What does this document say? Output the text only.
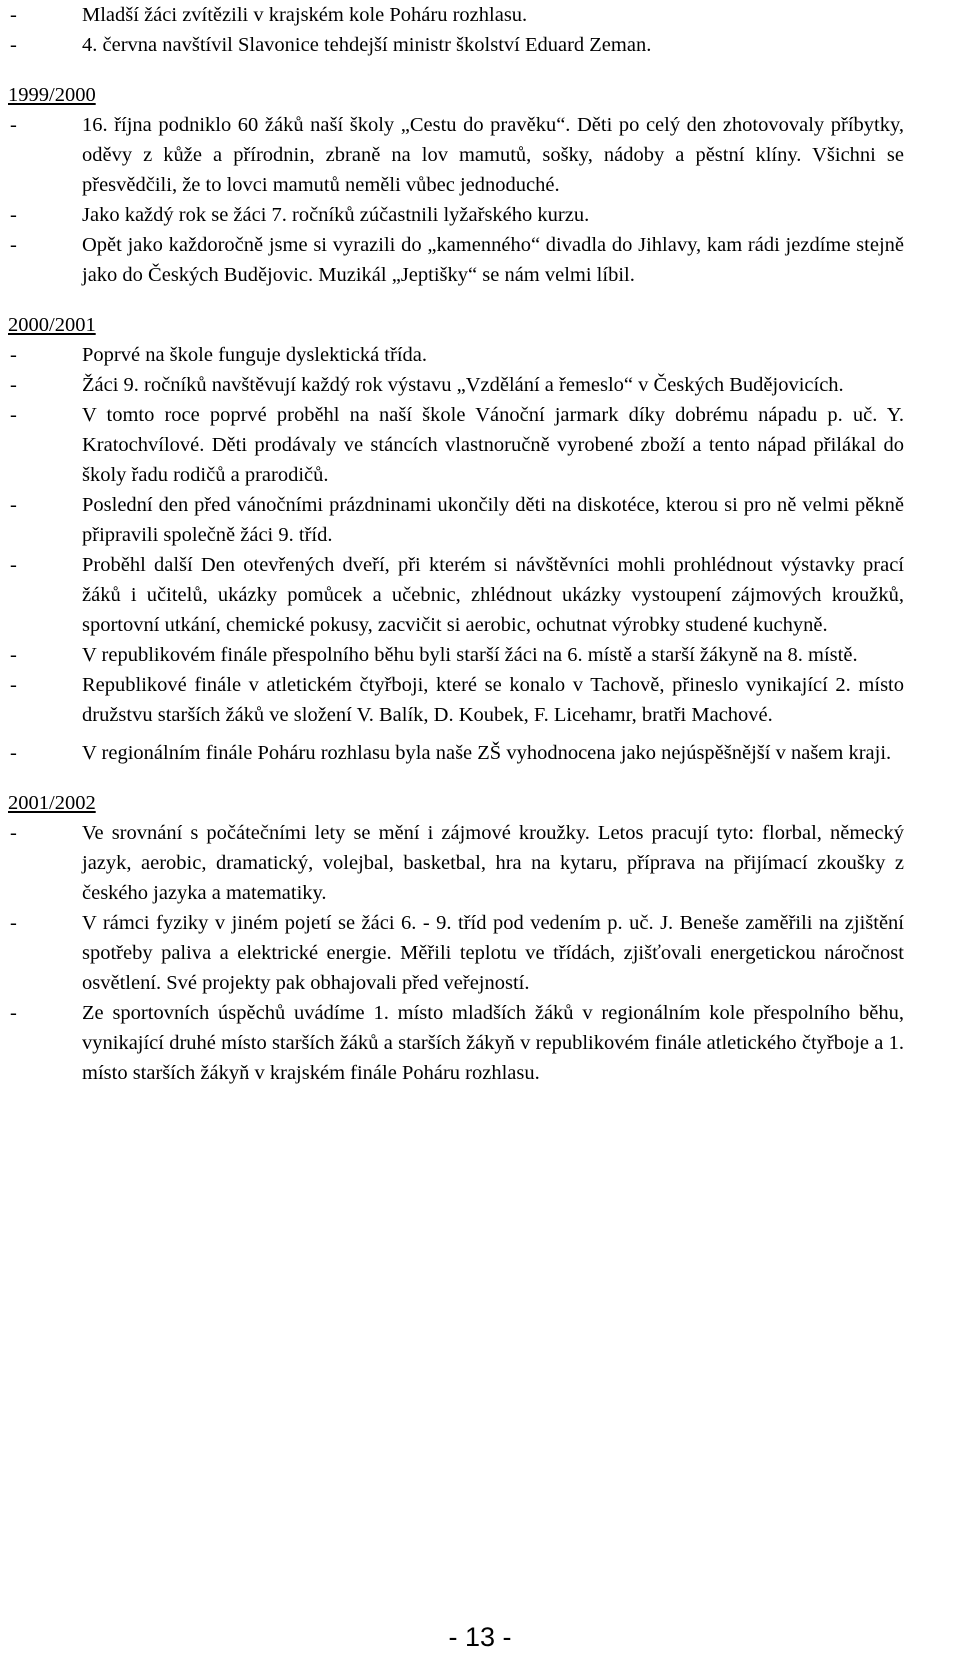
-	Mladší žáci zvítězili v krajském kole Poháru rozhlasu.
-	4. června navštívil Slavonice tehdejší ministr školství Eduard Zeman.

1999/2000

-	16. října podniklo 60 žáků naší školy „Cestu do pravěku“. Děti po celý den zhotovovaly příbytky, oděvy z kůže a přírodnin, zbraně na lov mamutů, sošky, nádoby a pěstní klíny. Všichni se přesvědčili, že to lovci mamutů neměli vůbec jednoduché.
-	Jako každý rok se žáci 7. ročníků zúčastnili lyžařského kurzu.
-	Opět jako každoročně jsme si vyrazili do „kamenného“ divadla do Jihlavy, kam rádi jezdíme stejně jako do Českých Budějovic. Muzikál „Jeptišky“ se nám velmi líbil.

2000/2001

-	Poprvé na škole funguje dyslektická třída.
-	Žáci 9. ročníků navštěvují každý rok výstavu „Vzdělání a řemeslo“ v Českých Budějovicích.
-	V tomto roce poprvé proběhl na naší škole Vánoční jarmark díky dobrému nápadu p. uč. Y. Kratochvílové. Děti prodávaly ve stáncích vlastnoručně vyrobené zboží a tento nápad přilákal do školy řadu rodičů a prarodičů.
-	Poslední den před vánočními prázdninami ukončily děti na diskotéce, kterou si pro ně velmi pěkně připravili společně žáci 9. tříd.
-	Proběhl další Den otevřených dveří, při kterém si návštěvníci mohli prohlédnout výstavky prací žáků i učitelů, ukázky pomůcek a učebnic, zhlédnout ukázky vystoupení zájmových kroužků, sportovní utkání, chemické pokusy, zacvičit si aerobic, ochutnat výrobky studené kuchyně.
-	V republikovém finále přespolního běhu byli starší žáci na 6. místě a starší žákyně na 8. místě.
-	Republikové finále v atletickém čtyřboji, které se konalo v Tachově, přineslo vynikající 2. místo družstvu starších žáků ve složení V. Balík, D. Koubek, F. Licehamr, bratři Machové.
-	V regionálním finále Poháru rozhlasu byla naše ZŠ vyhodnocena jako nejúspěšnější v našem kraji.

2001/2002

-	Ve srovnání s počátečními lety se mění i zájmové kroužky. Letos pracují tyto: florbal, německý jazyk, aerobic, dramatický, volejbal, basketbal, hra na kytaru, příprava na přijímací zkoušky z českého jazyka a matematiky.
-	V rámci fyziky v jiném pojetí se žáci 6. - 9. tříd pod vedením p. uč. J. Beneše zaměřili na zjištění spotřeby paliva a elektrické energie. Měřili teplotu ve třídách, zjišťovali energetickou náročnost osvětlení. Své projekty pak obhajovali před veřejností.
-	Ze sportovních úspěchů uvádíme 1. místo mladších žáků v regionálním kole přespolního běhu, vynikající druhé místo starších žáků a starších žákyň v republikovém finále atletického čtyřboje a 1. místo starších žákyň v krajském finále Poháru rozhlasu.
- 13 -
